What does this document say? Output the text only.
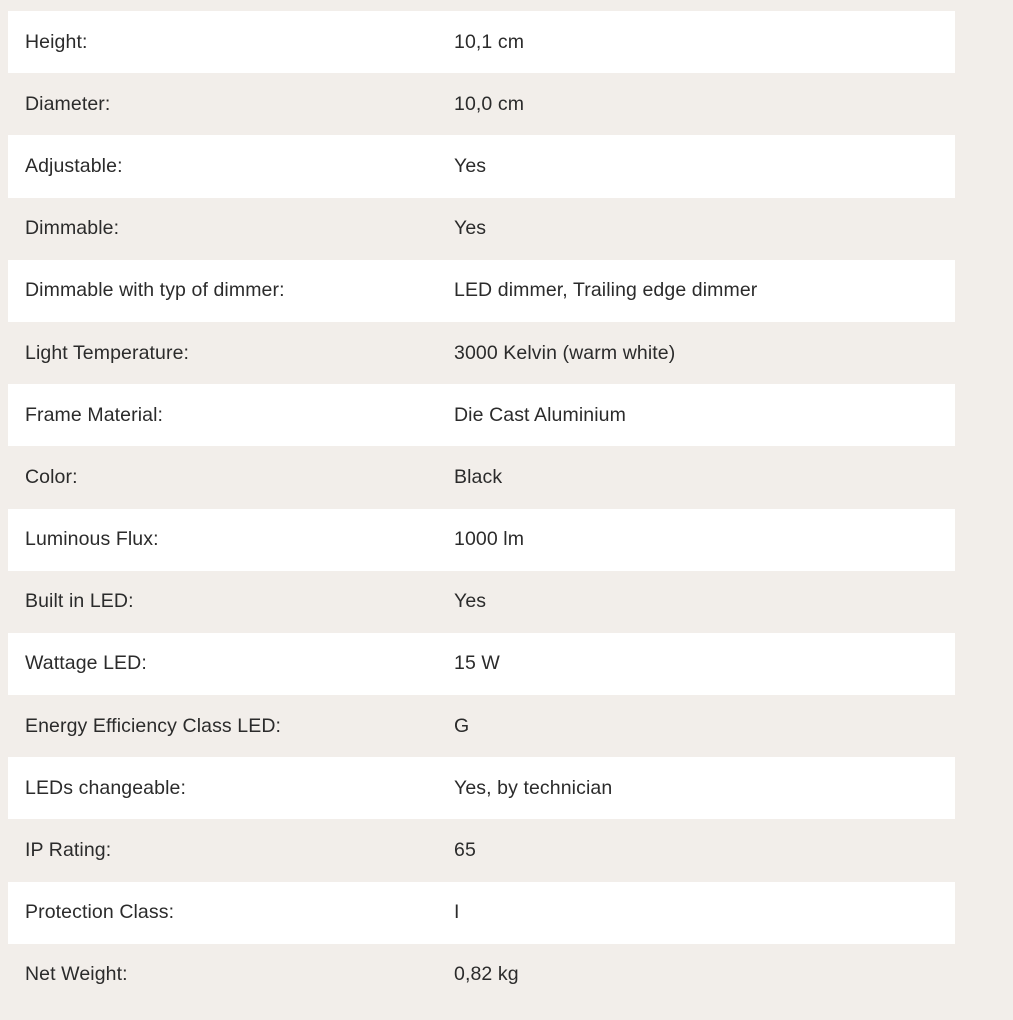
Height:	10,1 cm
Diameter:	10,0 cm
Adjustable:	Yes
Dimmable:	Yes
Dimmable with typ of dimmer:	LED dimmer, Trailing edge dimmer
Light Temperature:	3000 Kelvin (warm white)
Frame Material:	Die Cast Aluminium
Color:	Black
Luminous Flux:	1000 lm
Built in LED:	Yes
Wattage LED:	15 W
Energy Efficiency Class LED:	G
LEDs changeable:	Yes, by technician
IP Rating:	65
Protection Class:	I
Net Weight:	0,82 kg
